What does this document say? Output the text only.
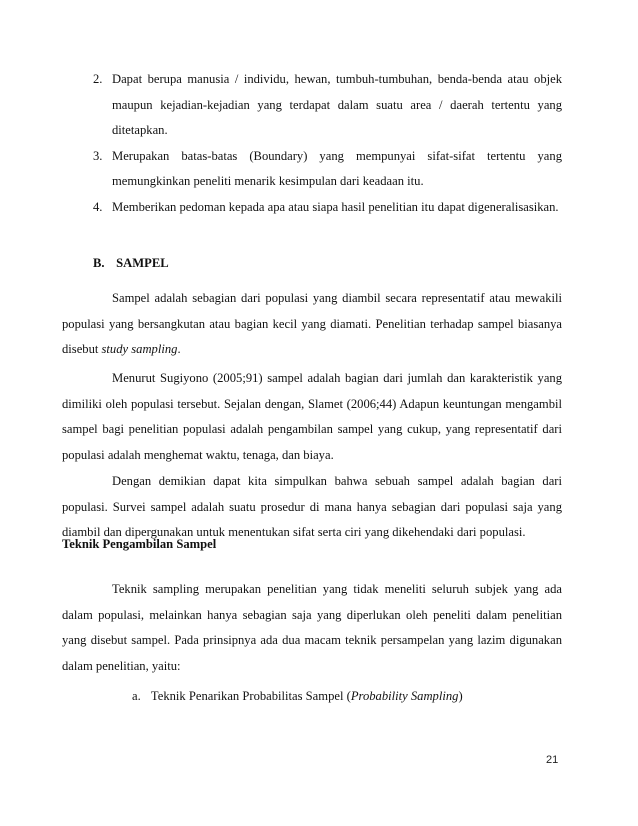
2. Dapat berupa manusia / individu, hewan, tumbuh-tumbuhan, benda-benda atau objek maupun kejadian-kejadian yang terdapat dalam suatu area / daerah tertentu yang ditetapkan.
3. Merupakan batas-batas (Boundary) yang mempunyai sifat-sifat tertentu yang memungkinkan peneliti menarik kesimpulan dari keadaan itu.
4. Memberikan pedoman kepada apa atau siapa hasil penelitian itu dapat digeneralisasikan.
B. SAMPEL

Sampel adalah sebagian dari populasi yang diambil secara representatif atau mewakili populasi yang bersangkutan atau bagian kecil yang diamati. Penelitian terhadap sampel biasanya disebut study sampling.

Menurut Sugiyono (2005;91) sampel adalah bagian dari jumlah dan karakteristik yang dimiliki oleh populasi tersebut. Sejalan dengan, Slamet (2006;44) Adapun keuntungan mengambil sampel bagi penelitian populasi adalah pengambilan sampel yang cukup, yang representatif dari populasi adalah menghemat waktu, tenaga, dan biaya.

Dengan demikian dapat kita simpulkan bahwa sebuah sampel adalah bagian dari populasi. Survei sampel adalah suatu prosedur di mana hanya sebagian dari populasi saja yang diambil dan dipergunakan untuk menentukan sifat serta ciri yang dikehendaki dari populasi.

Teknik Pengambilan Sampel

Teknik sampling merupakan penelitian yang tidak meneliti seluruh subjek yang ada dalam populasi, melainkan hanya sebagian saja yang diperlukan oleh peneliti dalam penelitian yang disebut sampel. Pada prinsipnya ada dua macam teknik persampelan yang lazim digunakan dalam penelitian, yaitu:

a. Teknik Penarikan Probabilitas Sampel (Probability Sampling)
21
